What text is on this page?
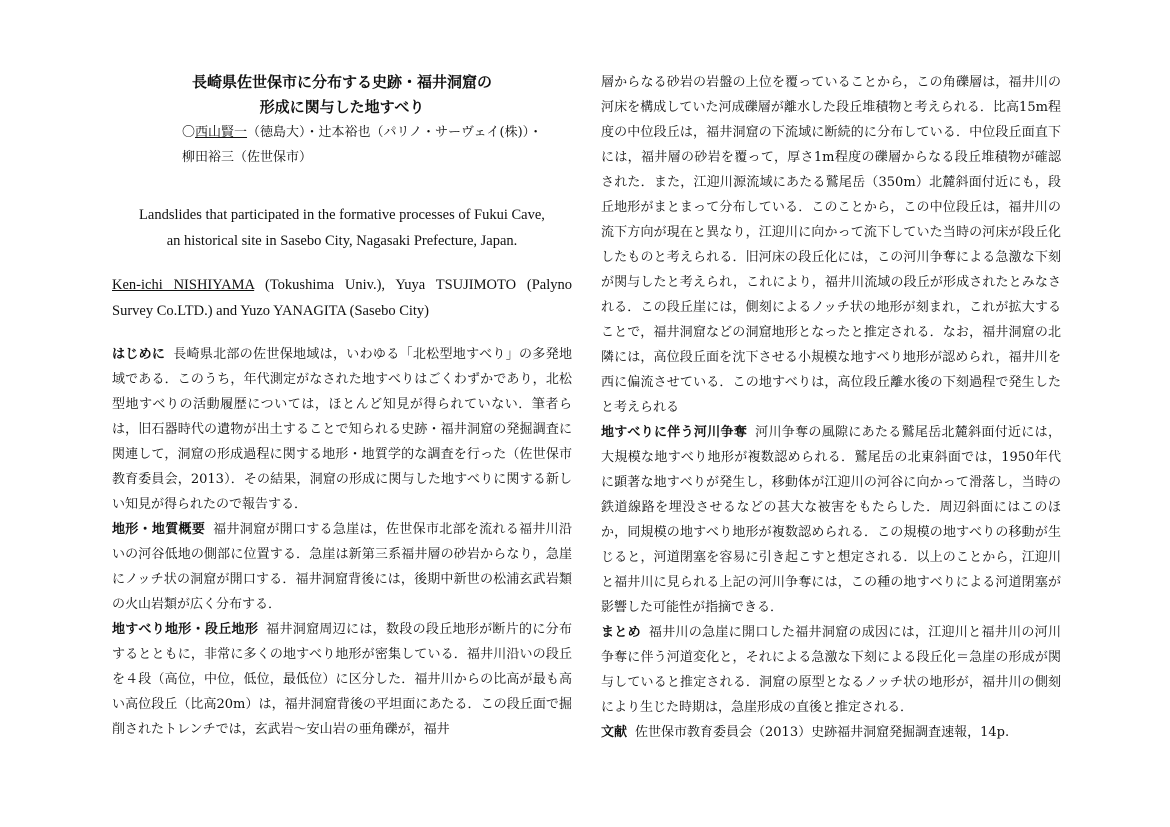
長崎県佐世保市に分布する史跡・福井洞窟の

形成に関与した地すべり

〇西山賢一（徳島大）・辻本裕也（パリノ・サーヴェイ(株)）・

柳田裕三（佐世保市）

Landslides that participated in the formative processes of Fukui Cave,

an historical site in Sasebo City, Nagasaki Prefecture, Japan.

Ken-ichi NISHIYAMA (Tokushima Univ.), Yuya TSUJIMOTO (Palyno Survey Co.LTD.) and Yuzo YANAGITA (Sasebo City)

はじめに 長崎県北部の佐世保地域は，いわゆる「北松型地すべり」の多発地域である．このうち，年代測定がなされた地すべりはごくわずかであり，北松型地すべりの活動履歴については，ほとんど知見が得られていない．筆者らは，旧石器時代の遺物が出土することで知られる史跡・福井洞窟の発掘調査に関連して，洞窟の形成過程に関する地形・地質学的な調査を行った（佐世保市教育委員会，2013）．その結果，洞窟の形成に関与した地すべりに関する新しい知見が得られたので報告する．

地形・地質概要 福井洞窟が開口する急崖は，佐世保市北部を流れる福井川沿いの河谷低地の側部に位置する．急崖は新第三系福井層の砂岩からなり，急崖にノッチ状の洞窟が開口する．福井洞窟背後には，後期中新世の松浦玄武岩類の火山岩類が広く分布する．

地すべり地形・段丘地形 福井洞窟周辺には，数段の段丘地形が断片的に分布するとともに，非常に多くの地すべり地形が密集している．福井川沿いの段丘を４段（高位，中位，低位，最低位）に区分した．福井川からの比高が最も高い高位段丘（比高20m）は，福井洞窟背後の平坦面にあたる．この段丘面で掘削されたトレンチでは，玄武岩〜安山岩の亜角礫が，福井

層からなる砂岩の岩盤の上位を覆っていることから，この角礫層は，福井川の河床を構成していた河成礫層が離水した段丘堆積物と考えられる．比高15m程度の中位段丘は，福井洞窟の下流域に断続的に分布している．中位段丘面直下には，福井層の砂岩を覆って，厚さ1m程度の礫層からなる段丘堆積物が確認された．また，江迎川源流域にあたる鷲尾岳（350m）北麓斜面付近にも，段丘地形がまとまって分布している．このことから，この中位段丘は，福井川の流下方向が現在と異なり，江迎川に向かって流下していた当時の河床が段丘化したものと考えられる．旧河床の段丘化には，この河川争奪による急激な下刻が関与したと考えられ，これにより，福井川流域の段丘が形成されたとみなされる．この段丘崖には，側刻によるノッチ状の地形が刻まれ，これが拡大することで，福井洞窟などの洞窟地形となったと推定される．なお，福井洞窟の北隣には，高位段丘面を沈下させる小規模な地すべり地形が認められ，福井川を西に偏流させている．この地すべりは，高位段丘離水後の下刻過程で発生したと考えられる

地すべりに伴う河川争奪 河川争奪の風隙にあたる鷲尾岳北麓斜面付近には，大規模な地すべり地形が複数認められる．鷲尾岳の北東斜面では，1950年代に顕著な地すべりが発生し，移動体が江迎川の河谷に向かって滑落し，当時の鉄道線路を埋没させるなどの甚大な被害をもたらした．周辺斜面にはこのほか，同規模の地すべり地形が複数認められる．この規模の地すべりの移動が生じると，河道閉塞を容易に引き起こすと想定される．以上のことから，江迎川と福井川に見られる上記の河川争奪には，この種の地すべりによる河道閉塞が影響した可能性が指摘できる．

まとめ 福井川の急崖に開口した福井洞窟の成因には，江迎川と福井川の河川争奪に伴う河道変化と，それによる急激な下刻による段丘化＝急崖の形成が関与していると推定される．洞窟の原型となるノッチ状の地形が，福井川の側刻により生じた時期は，急崖形成の直後と推定される．

文献 佐世保市教育委員会（2013）史跡福井洞窟発掘調査速報，14p.
